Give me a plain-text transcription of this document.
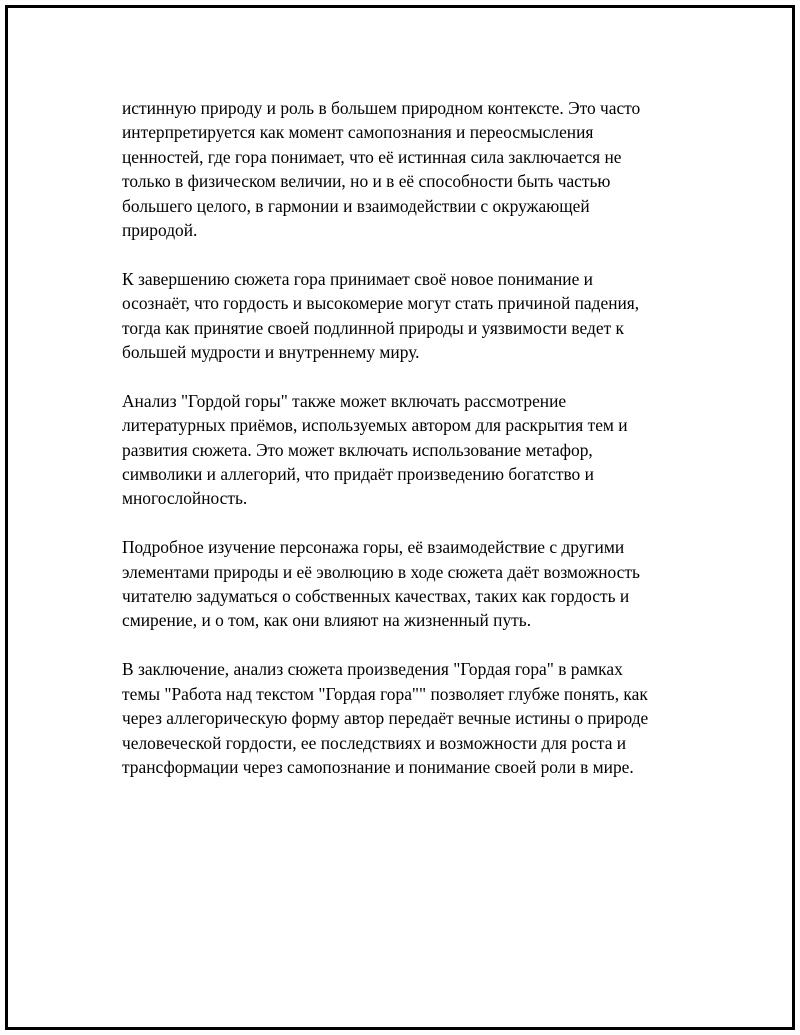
истинную природу и роль в большем природном контексте. Это часто
интерпретируется как момент самопознания и переосмысления
ценностей, где гора понимает, что её истинная сила заключается не
только в физическом величии, но и в её способности быть частью
большего целого, в гармонии и взаимодействии с окружающей
природой.

К завершению сюжета гора принимает своё новое понимание и
осознаёт, что гордость и высокомерие могут стать причиной падения,
тогда как принятие своей подлинной природы и уязвимости ведет к
большей мудрости и внутреннему миру.

Анализ "Гордой горы" также может включать рассмотрение
литературных приёмов, используемых автором для раскрытия тем и
развития сюжета. Это может включать использование метафор,
символики и аллегорий, что придаёт произведению богатство и
многослойность.

Подробное изучение персонажа горы, её взаимодействие с другими
элементами природы и её эволюцию в ходе сюжета даёт возможность
читателю задуматься о собственных качествах, таких как гордость и
смирение, и о том, как они влияют на жизненный путь.

В заключение, анализ сюжета произведения "Гордая гора" в рамках
темы "Работа над текстом "Гордая гора"" позволяет глубже понять, как
через аллегорическую форму автор передаёт вечные истины о природе
человеческой гордости, ее последствиях и возможности для роста и
трансформации через самопознание и понимание своей роли в мире.
